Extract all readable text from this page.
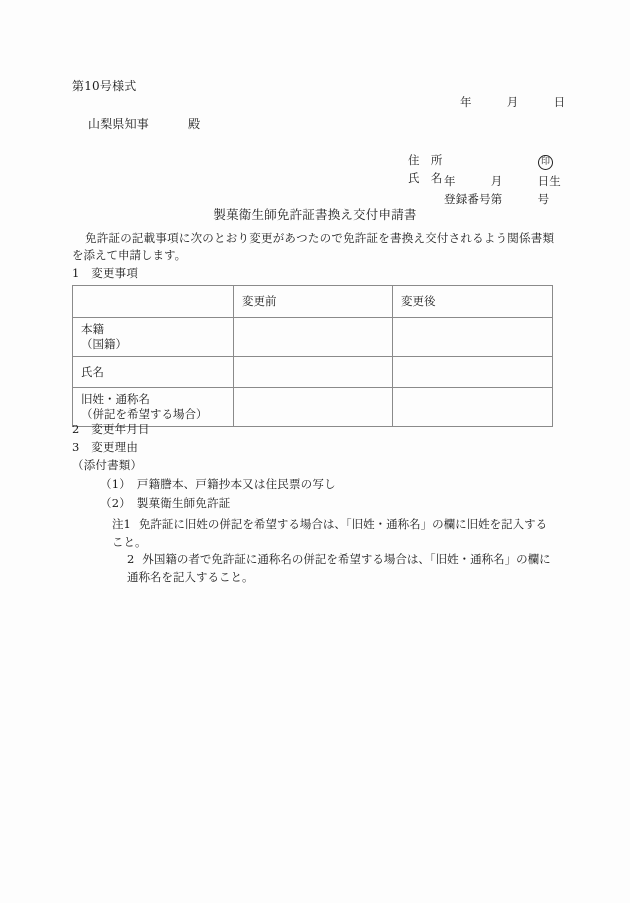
第10号様式
年　　　月　　　日
山梨県知事	殿

住　所

氏　名

印
年　　　月　　　日生
登録番号第　　　号
製菓衛生師免許証書換え交付申請書
免許証の記載事項に次のとおり変更があつたので免許証を書換え交付されるよう関係書類を添えて申請します。
1　変更事項
	変更前	変更後

本籍
（国籍）		

氏名		

旧姓・通称名
（併記を希望する場合）		

2　変更年月日
3　変更理由
（添付書類）
（1）　 戸籍謄本、戸籍抄本又は住民票の写し
（2）　 製菓衛生師免許証
注1 免許証に旧姓の併記を希望する場合は、「旧姓・通称名」の欄に旧姓を記入すること。
2 外国籍の者で免許証に通称名の併記を希望する場合は、「旧姓・通称名」の欄に通称名を記入すること。
